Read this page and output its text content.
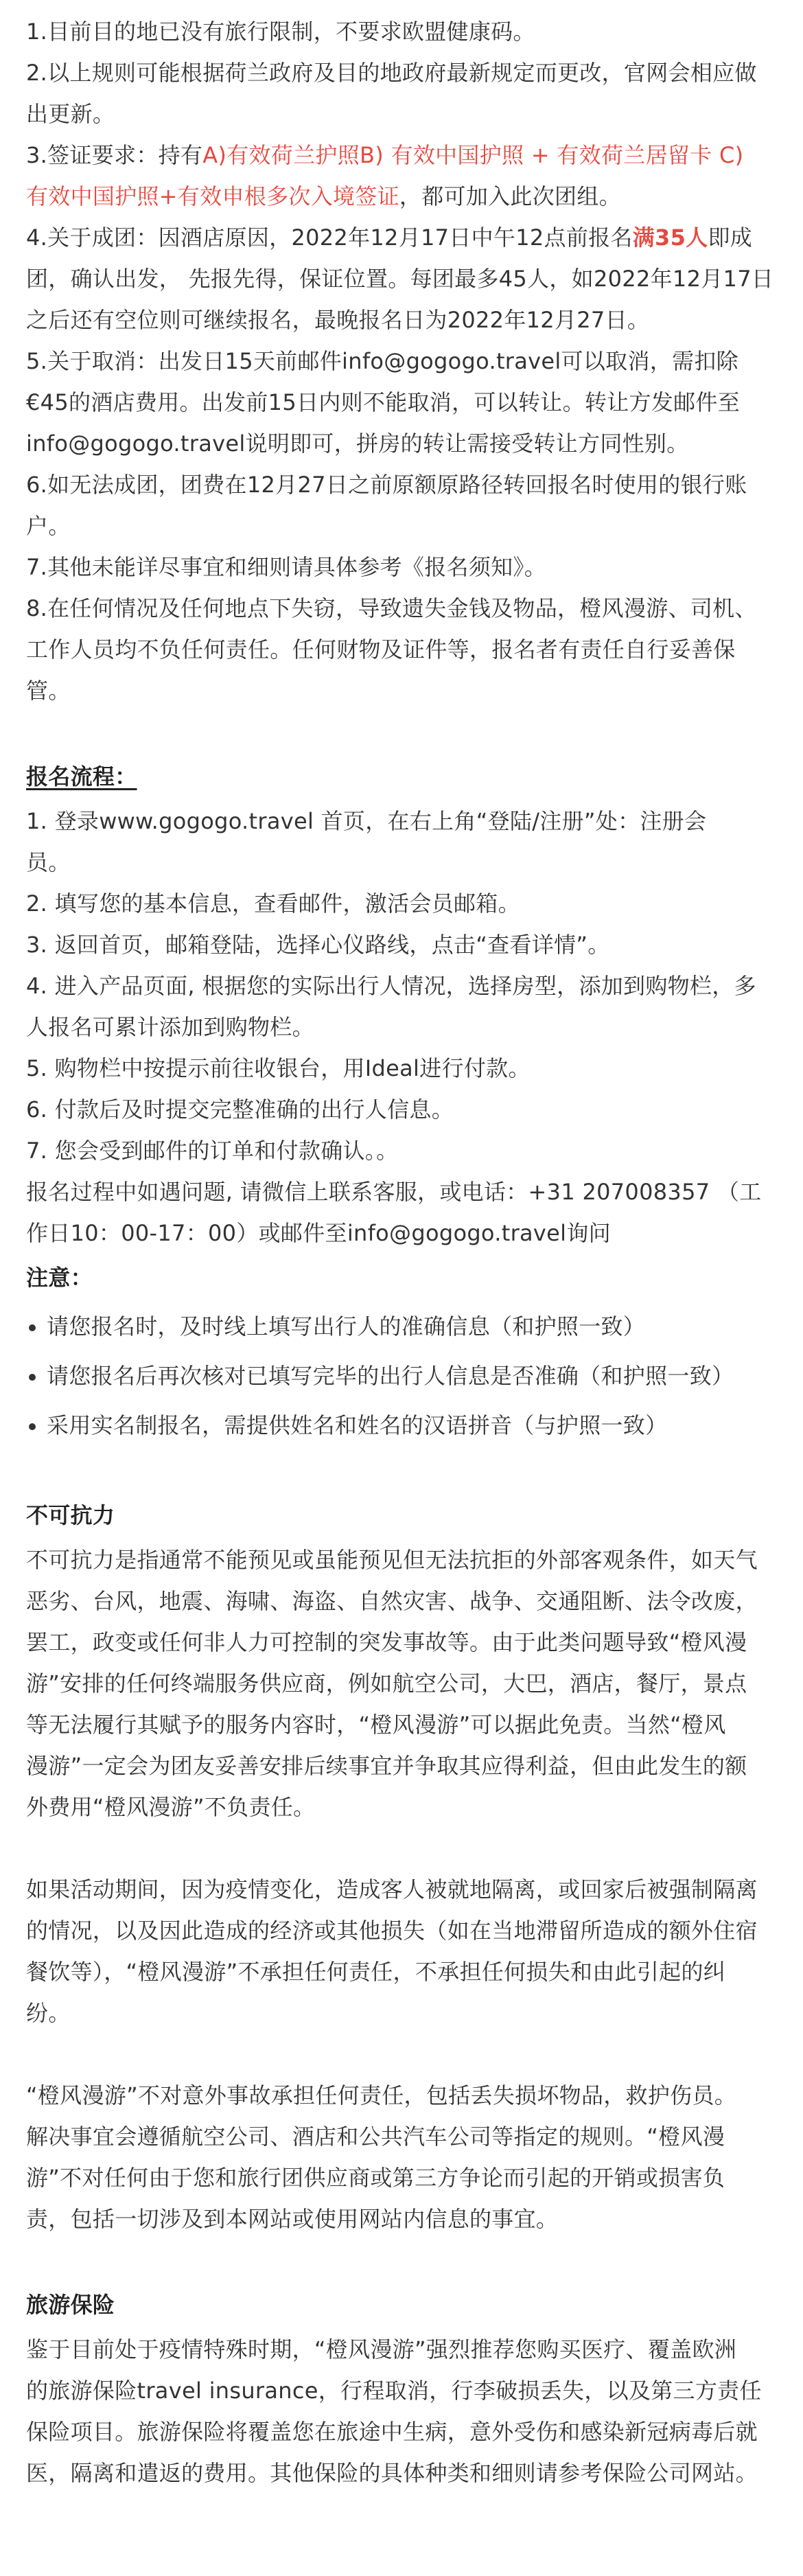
1.目前目的地已没有旅行限制，不要求欧盟健康码。
2.以上规则可能根据荷兰政府及目的地政府最新规定而更改，官网会相应做
出更新。
3.签证要求：持有A)有效荷兰护照B) 有效中国护照 + 有效荷兰居留卡 C)
有效中国护照+有效申根多次入境签证，都可加入此次团组。
4.关于成团：因酒店原因，2022年12月17日中午12点前报名满35人即成
团，确认出发， 先报先得，保证位置。每团最多45人，如2022年12月17日
之后还有空位则可继续报名，最晚报名日为2022年12月27日。
5.关于取消：出发日15天前邮件info@gogogo.travel可以取消，需扣除
€45的酒店费用。出发前15日内则不能取消，可以转让。转让方发邮件至
info@gogogo.travel说明即可，拼房的转让需接受转让方同性别。
6.如无法成团，团费在12月27日之前原额原路径转回报名时使用的银行账
户。
7.其他未能详尽事宜和细则请具体参考《报名须知》。
8.在任何情况及任何地点下失窃，导致遗失金钱及物品，橙风漫游、司机、
工作人员均不负任何责任。任何财物及证件等，报名者有责任自行妥善保
管。
报名流程：
1. 登录www.gogogo.travel 首页，在右上角“登陆/注册”处：注册会
员。
2. 填写您的基本信息，查看邮件，激活会员邮箱。
3. 返回首页，邮箱登陆，选择心仪路线，点击“查看详情”。
4. 进入产品页面, 根据您的实际出行人情况，选择房型，添加到购物栏，多
人报名可累计添加到购物栏。
5. 购物栏中按提示前往收银台，用Ideal进行付款。
6. 付款后及时提交完整准确的出行人信息。
7. 您会受到邮件的订单和付款确认。。
报名过程中如遇问题, 请微信上联系客服，或电话：+31 207008357 （工
作日10：00-17：00）或邮件至info@gogogo.travel询问
注意：
请您报名时，及时线上填写出行人的准确信息（和护照一致）
请您报名后再次核对已填写完毕的出行人信息是否准确（和护照一致）
采用实名制报名，需提供姓名和姓名的汉语拼音（与护照一致）
不可抗力
不可抗力是指通常不能预见或虽能预见但无法抗拒的外部客观条件，如天气
恶劣、台风，地震、海啸、海盗、自然灾害、战争、交通阻断、法令改废，
罢工，政变或任何非人力可控制的突发事故等。由于此类问题导致“橙风漫
游”安排的任何终端服务供应商，例如航空公司，大巴，酒店，餐厅，景点
等无法履行其赋予的服务内容时，“橙风漫游”可以据此免责。当然“橙风
漫游”一定会为团友妥善安排后续事宜并争取其应得利益，但由此发生的额
外费用“橙风漫游”不负责任。
如果活动期间，因为疫情变化，造成客人被就地隔离，或回家后被强制隔离
的情况，以及因此造成的经济或其他损失（如在当地滞留所造成的额外住宿
餐饮等），“橙风漫游”不承担任何责任，不承担任何损失和由此引起的纠
纷。
“橙风漫游”不对意外事故承担任何责任，包括丢失损坏物品，救护伤员。
解决事宜会遵循航空公司、酒店和公共汽车公司等指定的规则。“橙风漫
游”不对任何由于您和旅行团供应商或第三方争论而引起的开销或损害负
责，包括一切涉及到本网站或使用网站内信息的事宜。
旅游保险
鉴于目前处于疫情特殊时期，“橙风漫游”强烈推荐您购买医疗、覆盖欧洲
的旅游保险travel insurance，行程取消，行李破损丢失，以及第三方责任
保险项目。旅游保险将覆盖您在旅途中生病，意外受伤和感染新冠病毒后就
医，隔离和遣返的费用。其他保险的具体种类和细则请参考保险公司网站。
